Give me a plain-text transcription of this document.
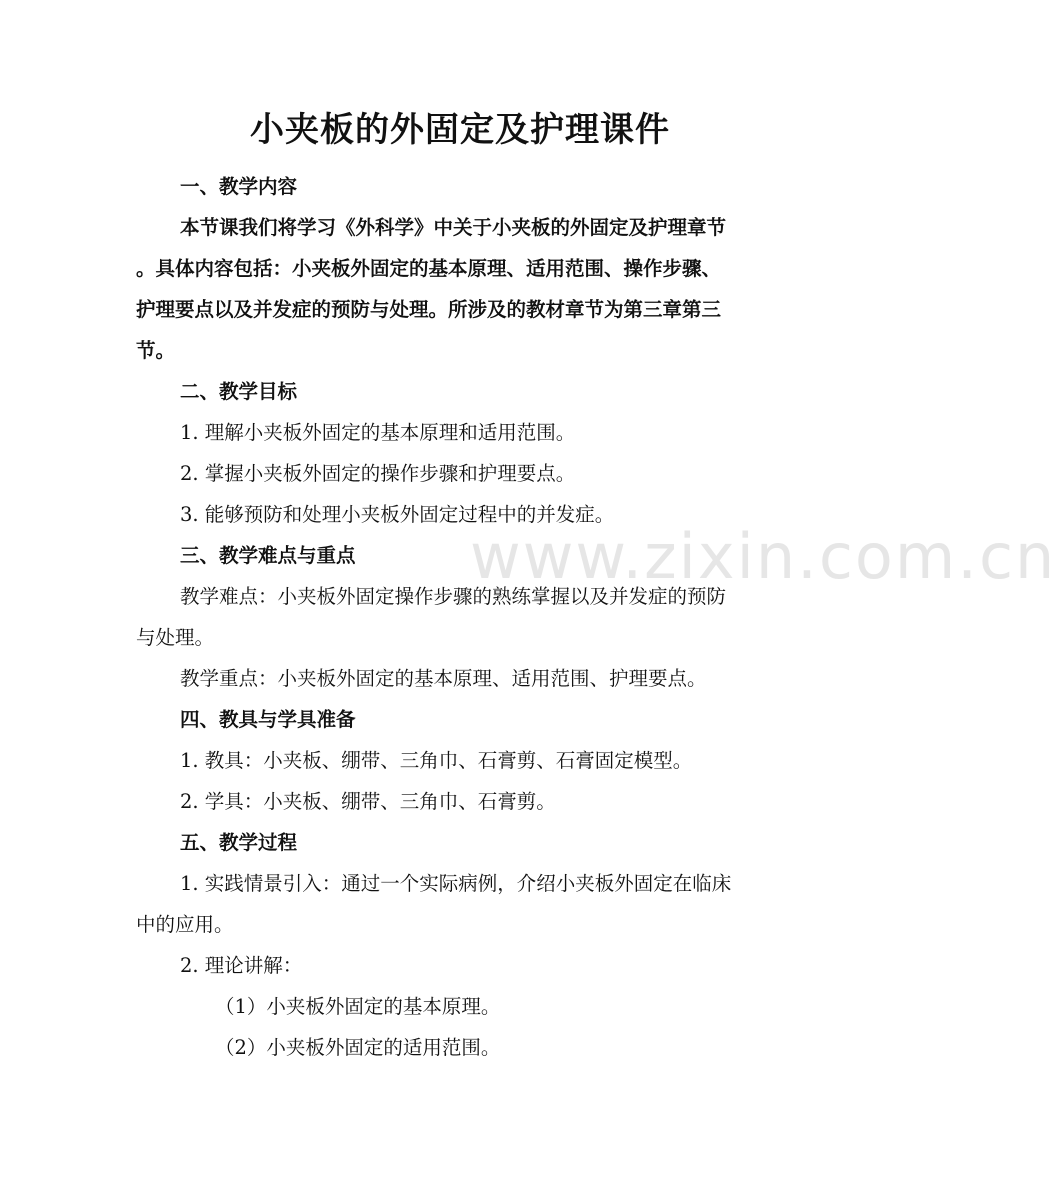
www.zixin.com.cn
小夹板的外固定及护理课件
一、教学内容
本节课我们将学习《外科学》中关于小夹板的外固定及护理章节
。具体内容包括：小夹板外固定的基本原理、适用范围、操作步骤、
护理要点以及并发症的预防与处理。所涉及的教材章节为第三章第三
节。
二、教学目标
1. 理解小夹板外固定的基本原理和适用范围。
2. 掌握小夹板外固定的操作步骤和护理要点。
3. 能够预防和处理小夹板外固定过程中的并发症。
三、教学难点与重点
教学难点：小夹板外固定操作步骤的熟练掌握以及并发症的预防
与处理。
教学重点：小夹板外固定的基本原理、适用范围、护理要点。
四、教具与学具准备
1. 教具：小夹板、绷带、三角巾、石膏剪、石膏固定模型。
2. 学具：小夹板、绷带、三角巾、石膏剪。
五、教学过程
1. 实践情景引入：通过一个实际病例，介绍小夹板外固定在临床
中的应用。
2. 理论讲解：
（1）小夹板外固定的基本原理。
（2）小夹板外固定的适用范围。
